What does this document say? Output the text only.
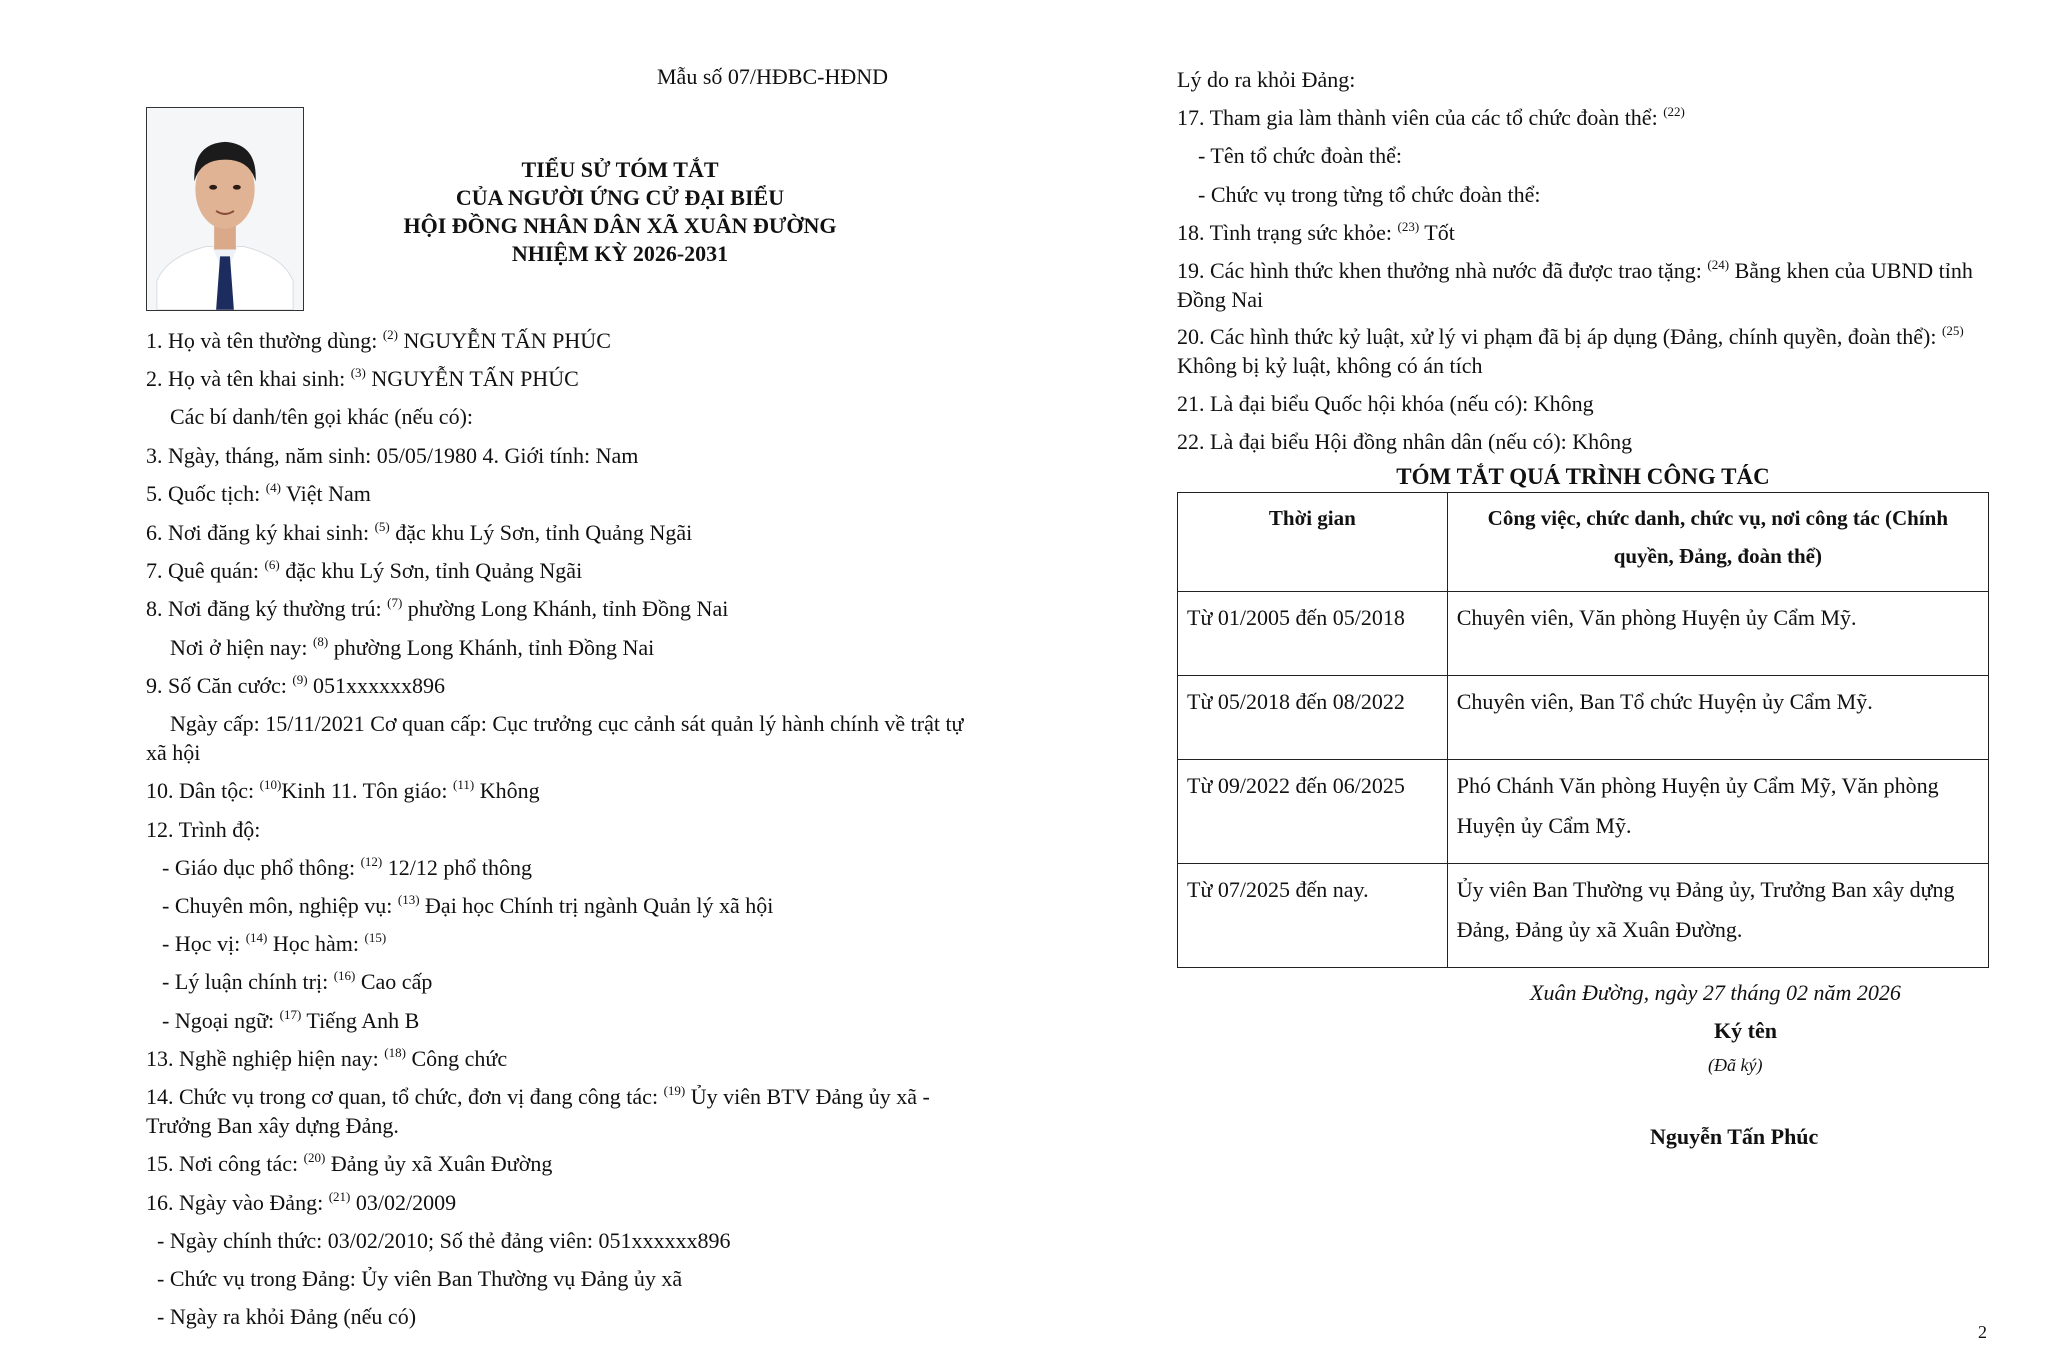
Mẫu số 07/HĐBC-HĐND
TIỂU SỬ TÓM TẮT
CỦA NGƯỜI ỨNG CỬ ĐẠI BIỂU
HỘI ĐỒNG NHÂN DÂN XÃ XUÂN ĐƯỜNG
NHIỆM KỲ 2026-2031
1. Họ và tên thường dùng: $^{(2)}$ NGUYỄN TẤN PHÚC
2. Họ và tên khai sinh: $^{(3)}$ NGUYỄN TẤN PHÚC
Các bí danh/tên gọi khác (nếu có):
3. Ngày, tháng, năm sinh: 05/05/1980 4. Giới tính: Nam
5. Quốc tịch: $^{(4)}$ Việt Nam
6. Nơi đăng ký khai sinh: $^{(5)}$ đặc khu Lý Sơn, tỉnh Quảng Ngãi
7. Quê quán: $^{(6)}$ đặc khu Lý Sơn, tỉnh Quảng Ngãi
8. Nơi đăng ký thường trú: $^{(7)}$ phường Long Khánh, tỉnh Đồng Nai
Nơi ở hiện nay: $^{(8)}$ phường Long Khánh, tỉnh Đồng Nai
9. Số Căn cước: $^{(9)}$ 051xxxxxx896
Ngày cấp: 15/11/2021 Cơ quan cấp: Cục trưởng cục cảnh sát quản lý hành chính về trật tự xã hội
10. Dân tộc: $^{(10)}$Kinh 11. Tôn giáo: $^{(11)}$ Không
12. Trình độ:
- Giáo dục phổ thông: $^{(12)}$ 12/12 phổ thông
- Chuyên môn, nghiệp vụ: $^{(13)}$ Đại học Chính trị ngành Quản lý xã hội
- Học vị: $^{(14)}$ Học hàm: $^{(15)}$
- Lý luận chính trị: $^{(16)}$ Cao cấp
- Ngoại ngữ: $^{(17)}$ Tiếng Anh B
13. Nghề nghiệp hiện nay: $^{(18)}$ Công chức
14. Chức vụ trong cơ quan, tổ chức, đơn vị đang công tác: $^{(19)}$ Ủy viên BTV Đảng ủy xã - Trưởng Ban xây dựng Đảng.
15. Nơi công tác: $^{(20)}$ Đảng ủy xã Xuân Đường
16. Ngày vào Đảng: $^{(21)}$ 03/02/2009
- Ngày chính thức: 03/02/2010; Số thẻ đảng viên: 051xxxxxx896
- Chức vụ trong Đảng: Ủy viên Ban Thường vụ Đảng ủy xã
- Ngày ra khỏi Đảng (nếu có)
Lý do ra khỏi Đảng:
17. Tham gia làm thành viên của các tổ chức đoàn thể: $^{(22)}$
- Tên tổ chức đoàn thể:
- Chức vụ trong từng tổ chức đoàn thể:
18. Tình trạng sức khỏe: $^{(23)}$ Tốt
19. Các hình thức khen thưởng nhà nước đã được trao tặng: $^{(24)}$ Bằng khen của UBND tỉnh Đồng Nai
20. Các hình thức kỷ luật, xử lý vi phạm đã bị áp dụng (Đảng, chính quyền, đoàn thể): $^{(25)}$ Không bị kỷ luật, không có án tích
21. Là đại biểu Quốc hội khóa (nếu có): Không
22. Là đại biểu Hội đồng nhân dân (nếu có): Không
TÓM TẮT QUÁ TRÌNH CÔNG TÁC
Thời gian	Công việc, chức danh, chức vụ, nơi công tác (Chính quyền, Đảng, đoàn thể)
Từ 01/2005 đến 05/2018	Chuyên viên, Văn phòng Huyện ủy Cẩm Mỹ.
Từ 05/2018 đến 08/2022	Chuyên viên, Ban Tổ chức Huyện ủy Cẩm Mỹ.
Từ 09/2022 đến 06/2025	Phó Chánh Văn phòng Huyện ủy Cẩm Mỹ, Văn phòng Huyện ủy Cẩm Mỹ.
Từ 07/2025 đến nay.	Ủy viên Ban Thường vụ Đảng ủy, Trưởng Ban xây dựng Đảng, Đảng ủy xã Xuân Đường.
Xuân Đường, ngày 27 tháng 02 năm 2026
Ký tên
(Đã ký)
Nguyễn Tấn Phúc
2
